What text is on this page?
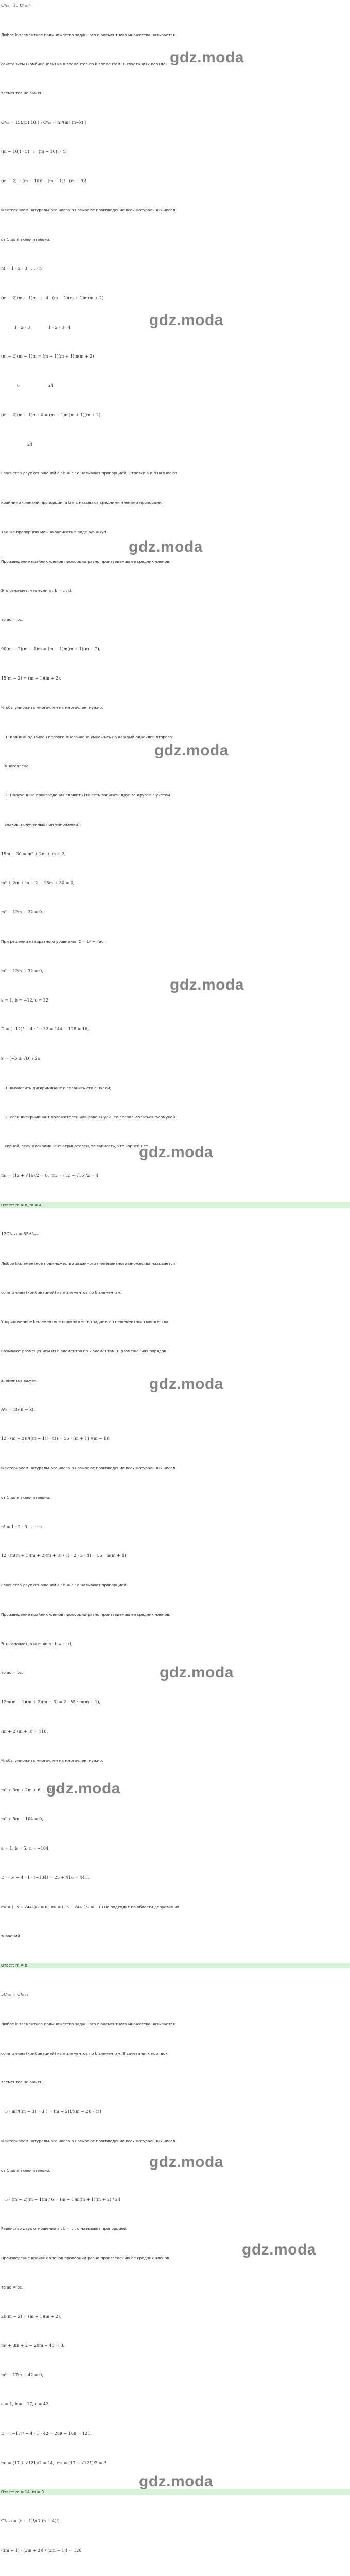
C⁵₁₅ · 15·C⁵₁₅ ⁴
Любое k-элементное подмножество заданного n-элементного множества называется
сочетанием (комбинацией) из n элементов по k элементам. В сочетаниях порядок
элементов не важен.
C⁵₁₅ = 15!/(5!·10!) ; C⁶₁₅ = n!/(m!·(n−k)!)
(m − 10)! · 5!   :   (m − 10)! · 4!
(m − 2)! · (m − 10)!    (m − 1)! · (m − 9)!
Факториалом натурального числа n называют произведение всех натуральных чисел
от 1 до n включительно.
n! = 1 · 2 · 3 · … · n
(m − 2)(m − 1)m   :   4   (m − 1)(m + 1)m(m + 2)
1 · 2 · 3              1 · 2 · 3 · 4
(m − 2)(m − 1)m = (m − 1)(m + 1)m(m + 2)
6                      24
(m − 2)(m − 1)m · 4 = (m − 1)m(m + 1)(m + 2)
24
Равенство двух отношений a : b = c : d называют пропорцией. Отрезки a и d называют
крайними членами пропорции, а b и c называют средними членами пропорции.
Так же пропорцию можно записать в виде a/b = c/d.
Произведение крайних членов пропорции равно произведению ее средних членов.
Это означает, что если a : b = c : d,
то ad = bc.
90(m − 2)(m − 1)m = (m − 1)m(m + 1)(m + 2),
15(m − 2) = (m + 1)(m + 2).
Чтобы умножить многочлен на многочлен, нужно:
1  Каждый одночлен первого многочлена умножить на каждый одночлен второго
многочлена.
2  Полученные произведения сложить (то есть записать друг за другом с учетом
знаков, полученных при умножении).
15m − 30 = m² + 2m + m + 2,
m² + 2m + m + 2 − 15m + 30 = 0,
m² − 12m + 32 = 0.
При решении квадратного уравнения D = b² − 4ac:
m² − 12m + 32 = 0,
a = 1, b = −12, c = 32,
D = (−12)² − 4 · 1 · 32 = 144 − 128 = 16,
x = (−b ± √D) / 2a
1  вычислить дискриминант и сравнить его с нулем;
2  если дискриминант положителен или равен нулю, то воспользоваться формулой
корней, если дискриминант отрицателен, то записать, что корней нет.
m₁ = (12 + √16)/2 = 8,  m₂ = (12 − √16)/2 = 4
Ответ: m = 8, m = 4.
12C⁵ₘ₊₁ = 55A²ₘ₊₁
Любое k-элементное подмножество заданного n-элементного множества называется
сочетанием (комбинацией) из n элементов по k элементам.
Упорядоченное k-элементное подмножество заданного n-элементного множества
называют размещением из n элементов по k элементам. В размещениях порядок
элементов важен.
Aᵏₙ = n!/(n − k)!
12 · (m + 3)!/((m − 1)! · 4!) = 55 · (m + 1)!/(m − 1)!
Факториалом натурального числа n называют произведение всех натуральных чисел
от 1 до n включительно.
n! = 1 · 2 · 3 · … · n
12 · m(m + 1)(m + 2)(m + 3) / (1 · 2 · 3 · 4) = 55 · m(m + 1)
Равенство двух отношений a : b = c : d называют пропорцией.
Произведение крайних членов пропорции равно произведению ее средних членов.
Это означает, что если a : b = c : d,
то ad = bc.
12m(m + 1)(m + 2)(m + 3) = 2 · 55 · m(m + 1),
(m + 2)(m + 3) = 110.
Чтобы умножить многочлен на многочлен, нужно:
m² + 3m + 2m + 6 − 110 = 0,
m² + 5m − 104 = 0,
a = 1, b = 5, c = −104,
D = 5² − 4 · 1 · (−104) = 25 + 416 = 441,
m₁ = (−5 + √441)/2 = 8,  m₂ = (−5 − √441)/2 = −13 не подходит по области допустимых
значений.
Ответ: m = 8.
5C³ₘ = C⁴ₘ₊₂
Любое k-элементное подмножество заданного n-элементного множества называется
сочетанием (комбинацией) из n элементов по k элементам. В сочетаниях порядок
элементов не важен.
5 · m!/((m − 3)! · 3!) = (m + 2)!/((m − 2)! · 4!)
Факториалом натурального числа n называют произведение всех натуральных чисел
от 1 до n включительно.
5 · (m − 2)(m − 1)m / 6 = (m − 1)m(m + 1)(m + 2) / 24
Равенство двух отношений a : b = c : d называют пропорцией.
Произведение крайних членов пропорции равно произведению ее средних членов.
то ad = bc.
20(m − 2) = (m + 1)(m + 2),
m² + 3m + 2 − 20m + 40 = 0,
m² − 17m + 42 = 0,
a = 1, b = −17, c = 42,
D = (−17)² − 4 · 1 · 42 = 289 − 168 = 121,
m₁ = (17 + √121)/2 = 14,  m₂ = (17 − √121)/2 = 3
Ответ: m = 14, m = 3.
C³ₘ₋₁ = (n − 1)!/(3!(n − 4)!)
(3m + 1) · (3m + 2)! / (3m − 1)! = 120
gdz.moda
gdz.moda
gdz.moda
gdz.moda
gdz.moda
gdz.moda
gdz.moda
gdz.moda
gdz.moda
gdz.moda
gdz.moda
gdz.moda
